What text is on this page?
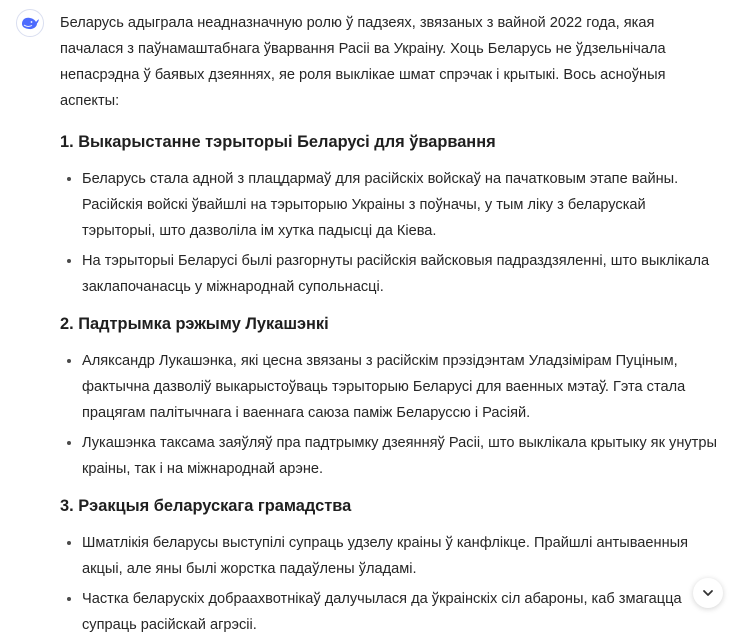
Беларусь адыграла неадназначную ролю ў падзеях, звязаных з вайной 2022 года, якая пачалася з паўнамаштабнага ўварвання Расіі ва Украіну. Хоць Беларусь не ўдзельнічала непасрэдна ў баявых дзеяннях, яе роля выклікае шмат спрэчак і крытыкі. Вось асноўныя аспекты:

1. Выкарыстанне тэрыторыі Беларусі для ўварвання
Беларусь стала адной з плацдармаў для расійскіх войскаў на пачатковым этапе вайны. Расійскія войскі ўвайшлі на тэрыторыю Украіны з поўначы, у тым ліку з беларускай тэрыторыі, што дазволіла ім хутка падысці да Кіева.
На тэрыторыі Беларусі былі разгорнуты расійскія вайсковыя падраздзяленні, што выклікала заклапочанасць у міжнароднай супольнасці.
2. Падтрымка рэжыму Лукашэнкі
Аляксандр Лукашэнка, які цесна звязаны з расійскім прэзідэнтам Уладзімірам Пуціным, фактычна дазволіў выкарыстоўваць тэрыторыю Беларусі для ваенных мэтаў. Гэта стала працягам палітычнага і ваеннага саюза паміж Беларуссю і Расіяй.
Лукашэнка таксама заяўляў пра падтрымку дзеянняў Расіі, што выклікала крытыку як унутры краіны, так і на міжнароднай арэне.
3. Рэакцыя беларускага грамадства
Шматлікія беларусы выступілі супраць удзелу краіны ў канфлікце. Прайшлі антываенныя акцыі, але яны былі жорстка падаўлены ўладамі.
Частка беларускіх добраахвотнікаў далучылася да ўкраінскіх сіл абароны, каб змагацца супраць расійскай агрэсіі.
